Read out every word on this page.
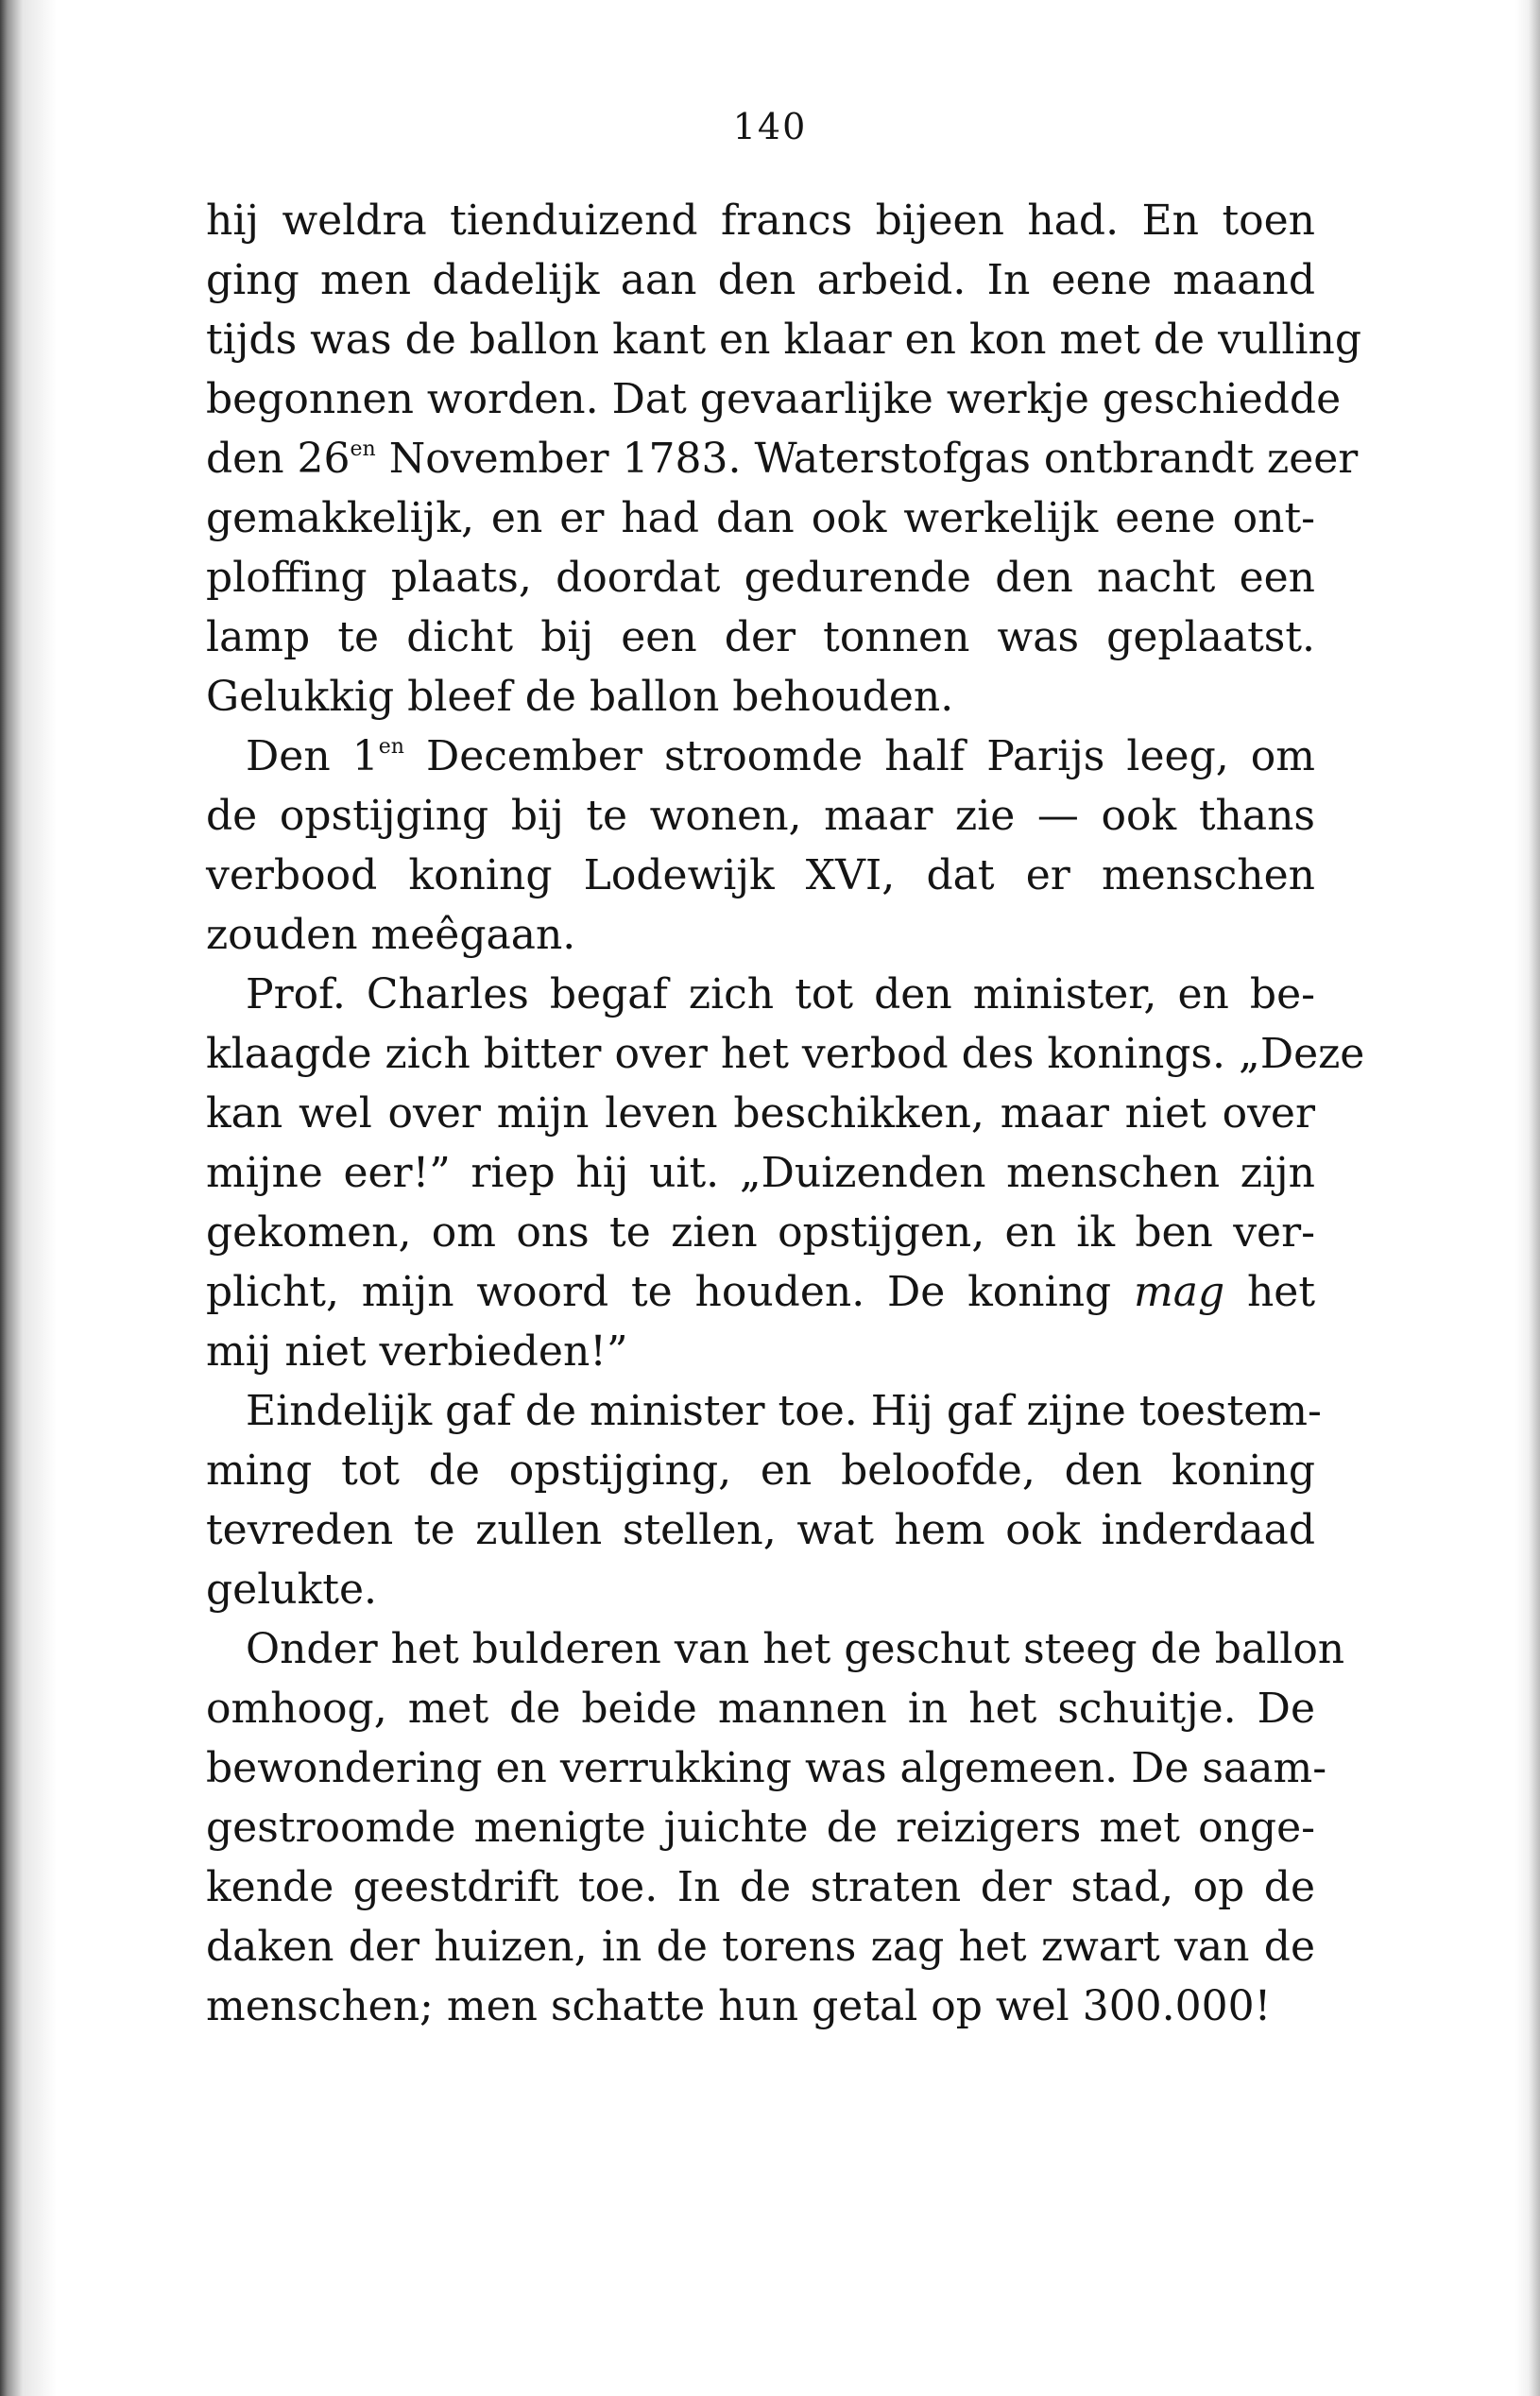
140
hij weldra tienduizend francs bijeen had. En toen
ging men dadelijk aan den arbeid. In eene maand
tijds was de ballon kant en klaar en kon met de vulling
begonnen worden. Dat gevaarlijke werkje geschiedde
den $26^{en}$ November 1783. Waterstofgas ontbrandt zeer
gemakkelijk, en er had dan ook werkelijk eene ont-
ploffing plaats, doordat gedurende den nacht een
lamp te dicht bij een der tonnen was geplaatst.
Gelukkig bleef de ballon behouden.
Den $1^{en}$ December stroomde half Parijs leeg, om
de opstijging bij te wonen, maar zie — ook thans
verbood koning Lodewijk XVI, dat er menschen
zouden meêgaan.
Prof. Charles begaf zich tot den minister, en be-
klaagde zich bitter over het verbod des konings. „Deze
kan wel over mijn leven beschikken, maar niet over
mijne eer!” riep hij uit. „Duizenden menschen zijn
gekomen, om ons te zien opstijgen, en ik ben ver-
plicht, mijn woord te houden. De koning mag het
mij niet verbieden!”
Eindelijk gaf de minister toe. Hij gaf zijne toestem-
ming tot de opstijging, en beloofde, den koning
tevreden te zullen stellen, wat hem ook inderdaad
gelukte.
Onder het bulderen van het geschut steeg de ballon
omhoog, met de beide mannen in het schuitje. De
bewondering en verrukking was algemeen. De saam-
gestroomde menigte juichte de reizigers met onge-
kende geestdrift toe. In de straten der stad, op de
daken der huizen, in de torens zag het zwart van de
menschen; men schatte hun getal op wel 300.000!
